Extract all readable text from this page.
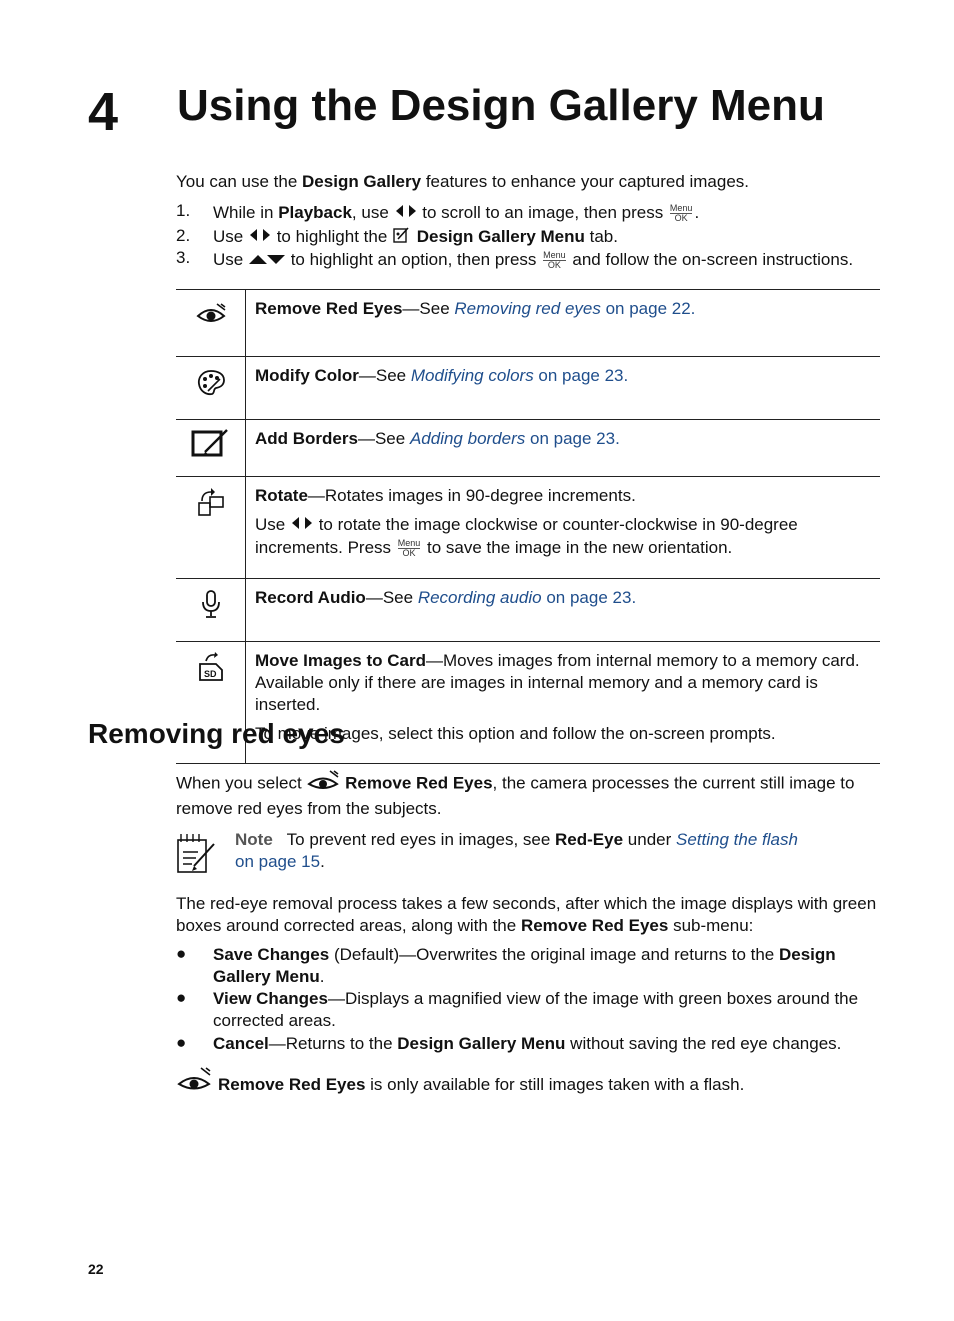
4 Using the Design Gallery Menu
You can use the Design Gallery features to enhance your captured images.
1. While in Playback, use  to scroll to an image, then press Menu
OK .
2. Use  to highlight the  Design Gallery Menu tab.
3. Use  to highlight an option, then press Menu
OK and follow the on-screen instructions.

Remove Red Eyes—See Removing red eyes on page 22.

Modify Color—See Modifying colors on page 23.

Add Borders—See Adding borders on page 23.

Rotate—Rotates images in 90-degree increments.

Use  to rotate the image clockwise or counter-clockwise in 90-degree increments. Press Menu
OK to save the image in the new orientation.

Record Audio—See Recording audio on page 23.

SD	Move Images to Card—Moves images from internal memory to a memory card. Available only if there are images in internal memory and a memory card is inserted.

To move images, select this option and follow the on-screen prompts.

Removing red eyes
When you select  Remove Red Eyes, the camera processes the current still image to remove red eyes from the subjects.
Note To prevent red eyes in images, see Red-Eye under Setting the flash
on page 15.
The red-eye removal process takes a few seconds, after which the image displays with green boxes around corrected areas, along with the Remove Red Eyes sub-menu:
● Save Changes (Default)—Overwrites the original image and returns to the Design Gallery Menu.
● View Changes—Displays a magnified view of the image with green boxes around the corrected areas.
● Cancel—Returns to the Design Gallery Menu without saving the red eye changes.
Remove Red Eyes is only available for still images taken with a flash.
22
